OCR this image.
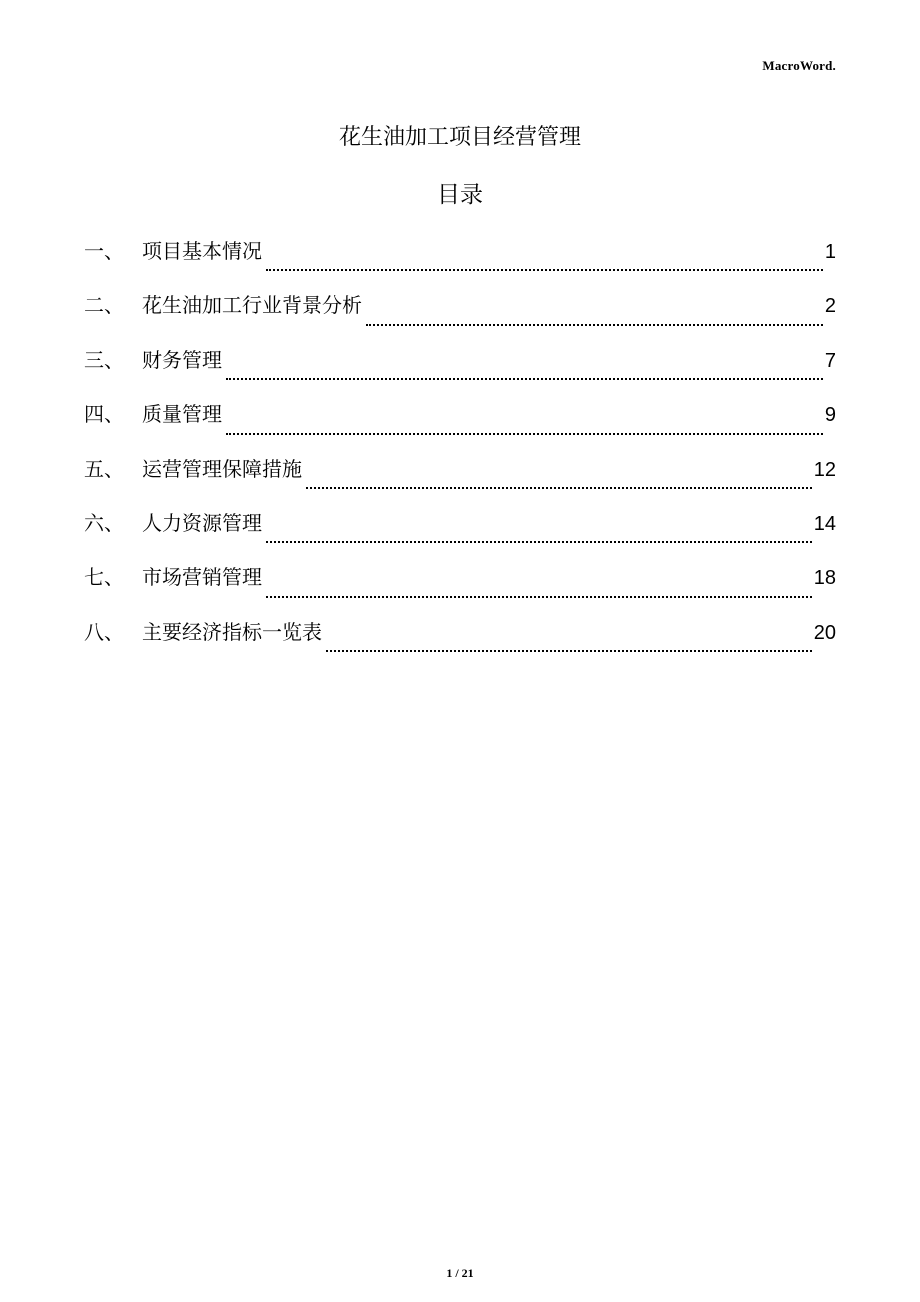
MacroWord.
花生油加工项目经营管理
目录
一、 项目基本情况	1
二、 花生油加工行业背景分析	2
三、 财务管理	7
四、 质量管理	9
五、 运营管理保障措施	12
六、 人力资源管理	14
七、 市场营销管理	18
八、 主要经济指标一览表	20
1 / 21
